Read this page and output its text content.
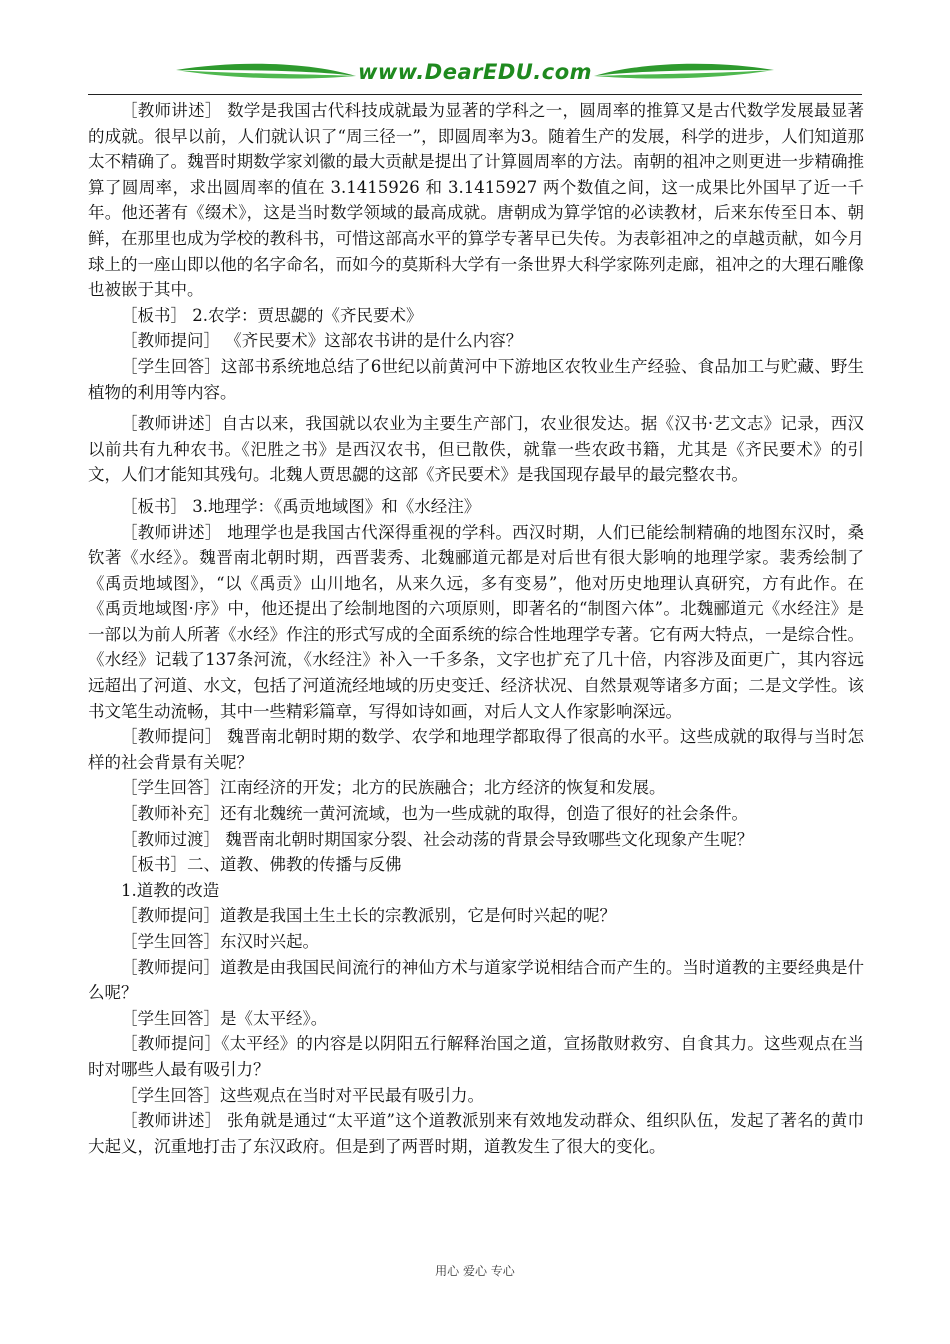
www.DearEDU.com

［教师讲述］ 数学是我国古代科技成就最为显著的学科之一，圆周率的推算又是古代数学发展最显著的成就。很早以前，人们就认识了“周三径一”，即圆周率为3。随着生产的发展，科学的进步，人们知道那太不精确了。魏晋时期数学家刘徽的最大贡献是提出了计算圆周率的方法。南朝的祖冲之则更进一步精确推算了圆周率，求出圆周率的值在 3.1415926 和 3.1415927 两个数值之间，这一成果比外国早了近一千年。他还著有《缀术》，这是当时数学领域的最高成就。唐朝成为算学馆的必读教材，后来东传至日本、朝鲜，在那里也成为学校的教科书，可惜这部高水平的算学专著早已失传。为表彰祖冲之的卓越贡献，如今月球上的一座山即以他的名字命名，而如今的莫斯科大学有一条世界大科学家陈列走廊，祖冲之的大理石雕像也被嵌于其中。

［板书］ 2.农学：贾思勰的《齐民要术》

［教师提问］ 《齐民要术》这部农书讲的是什么内容？

［学生回答］这部书系统地总结了6世纪以前黄河中下游地区农牧业生产经验、食品加工与贮藏、野生植物的利用等内容。

［教师讲述］自古以来，我国就以农业为主要生产部门，农业很发达。据《汉书·艺文志》记录，西汉以前共有九种农书。《汜胜之书》是西汉农书，但已散佚，就靠一些农政书籍，尤其是《齐民要术》的引文，人们才能知其残句。北魏人贾思勰的这部《齐民要术》是我国现存最早的最完整农书。

［板书］ 3.地理学：《禹贡地域图》和《水经注》

［教师讲述］ 地理学也是我国古代深得重视的学科。西汉时期，人们已能绘制精确的地图东汉时，桑钦著《水经》。魏晋南北朝时期，西晋裴秀、北魏郦道元都是对后世有很大影响的地理学家。裴秀绘制了《禹贡地域图》，“以《禹贡》山川地名，从来久远，多有变易”，他对历史地理认真研究，方有此作。在《禹贡地域图·序》中，他还提出了绘制地图的六项原则，即著名的“制图六体”。北魏郦道元《水经注》是一部以为前人所著《水经》作注的形式写成的全面系统的综合性地理学专著。它有两大特点，一是综合性。《水经》记载了137条河流，《水经注》补入一千多条，文字也扩充了几十倍，内容涉及面更广，其内容远远超出了河道、水文，包括了河道流经地域的历史变迁、经济状况、自然景观等诸多方面；二是文学性。该书文笔生动流畅，其中一些精彩篇章，写得如诗如画，对后人文人作家影响深远。

［教师提问］ 魏晋南北朝时期的数学、农学和地理学都取得了很高的水平。这些成就的取得与当时怎样的社会背景有关呢？

［学生回答］江南经济的开发；北方的民族融合；北方经济的恢复和发展。

［教师补充］还有北魏统一黄河流域，也为一些成就的取得，创造了很好的社会条件。

［教师过渡］ 魏晋南北朝时期国家分裂、社会动荡的背景会导致哪些文化现象产生呢？

［板书］二、道教、佛教的传播与反佛

1.道教的改造

［教师提问］道教是我国土生土长的宗教派别，它是何时兴起的呢？

［学生回答］东汉时兴起。

［教师提问］道教是由我国民间流行的神仙方术与道家学说相结合而产生的。当时道教的主要经典是什么呢？

［学生回答］是《太平经》。

［教师提问］《太平经》的内容是以阴阳五行解释治国之道，宣扬散财救穷、自食其力。这些观点在当时对哪些人最有吸引力？

［学生回答］这些观点在当时对平民最有吸引力。

［教师讲述］ 张角就是通过“太平道”这个道教派别来有效地发动群众、组织队伍，发起了著名的黄巾大起义，沉重地打击了东汉政府。但是到了两晋时期，道教发生了很大的变化。

用心 爱心 专心
